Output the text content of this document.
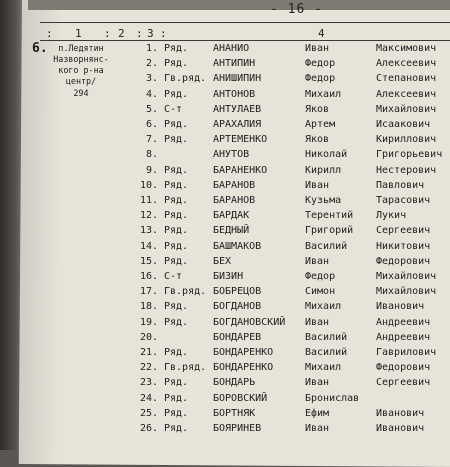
- 16 -
1	2 3	4
:	: : :
6.	п.Ледятин
Назворнянс-
кого р-на
центр/
294
1. Ряд. АНАНИО	Иван	Максимович
2. Ряд. АНТИПИН	Федор	Алексеевич
3. Гв.ряд. АНИШИПИН	Федор	Степанович
4. Ряд. АНТОНОВ	Михаил	Алексеевич
5. С-т	АНТУЛАЕВ	Яков	Михайлович
6. Ряд. АРАХАЛИЯ	Артем	Исаакович
7. Ряд. АРТЕМЕНКО	Яков	Кириллович
8.	АНУТОВ	Николай	Григорьевич
9. Ряд. БАРАНЕНКО	Кирилл	Нестерович
10. Ряд. БАРАНОВ	Иван	Павлович
11. Ряд. БАРАНОВ	Кузьма	Тарасович
12. Ряд. БАРДАК	Терентий Лукич
13. Ряд. БЕДНЫЙ	Григорий Сергеевич
14. Ряд. БАШМАКОВ	Василий	Никитович
15. Ряд. БЕХ	Иван	Федорович
16. С-т	БИЗИН	Федор	Михайлович
17. Гв.ряд. БОБРЕЦОВ	Симон	Михайлович
18. Ряд. БОГДАНОВ	Михаил	Иванович
19. Ряд. БОГДАНОВСКИЙ Иван	Андреевич
20.	БОНДАРЕВ	Василий	Андреевич
21. Ряд. БОНДАРЕНКО	Василий	Гаврилович
22. Гв.ряд. БОНДАРЕНКО	Михаил	Федорович
23. Ряд. БОНДАРЬ	Иван	Сергеевич
24. Ряд. БОРОВСКИЙ	Бронислав
25. Ряд. БОРТНЯК	Ефим	Иванович
26. Ряд. БОЯРИНЕВ	Иван	Иванович
